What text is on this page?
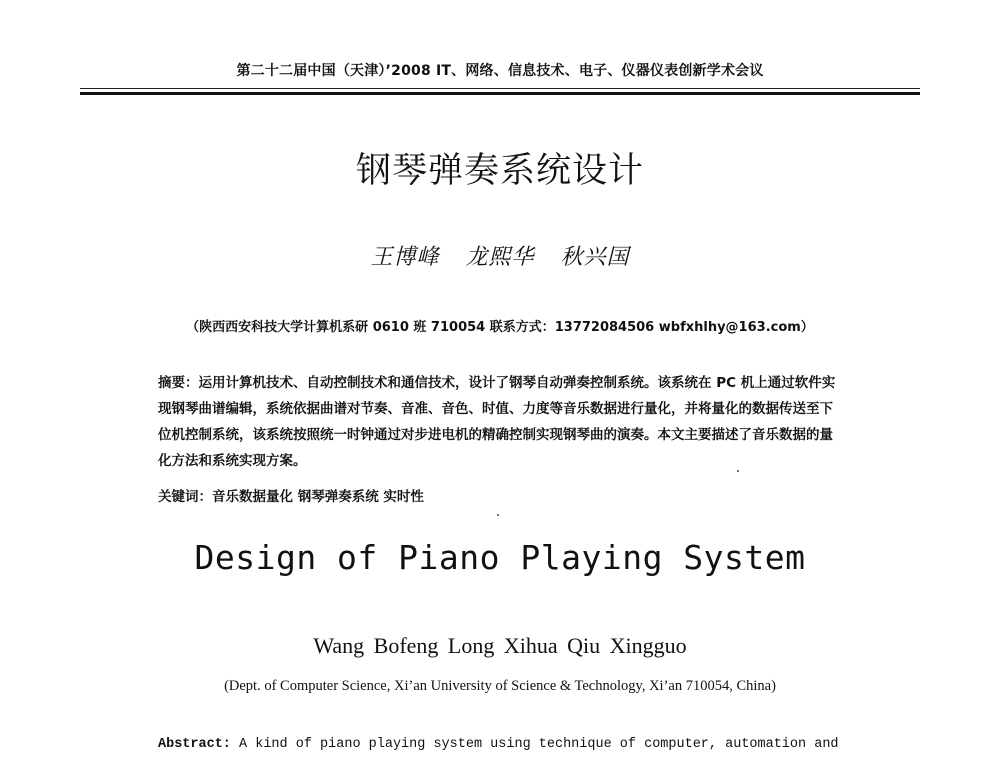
第二十二届中国（天津）’2008 IT、网络、信息技术、电子、仪器仪表创新学术会议
钢琴弹奏系统设计
王博峰 龙熙华 秋兴国
（陕西西安科技大学计算机系研 0610 班 710054 联系方式：13772084506 wbfxhlhy@163.com）
摘要：运用计算机技术、自动控制技术和通信技术，设计了钢琴自动弹奏控制系统。该系统在 PC 机上通过软件实现钢琴曲谱编辑，系统依据曲谱对节奏、音准、音色、时值、力度等音乐数据进行量化，并将量化的数据传送至下位机控制系统，该系统按照统一时钟通过对步进电机的精确控制实现钢琴曲的演奏。本文主要描述了音乐数据的量化方法和系统实现方案。
关键词：音乐数据量化 钢琴弹奏系统 实时性
Design of Piano Playing System
Wang Bofeng Long Xihua Qiu Xingguo
(Dept. of Computer Science, Xi’an University of Science & Technology, Xi’an 710054, China)
Abstract: A kind of piano playing system using technique of computer, automation and
